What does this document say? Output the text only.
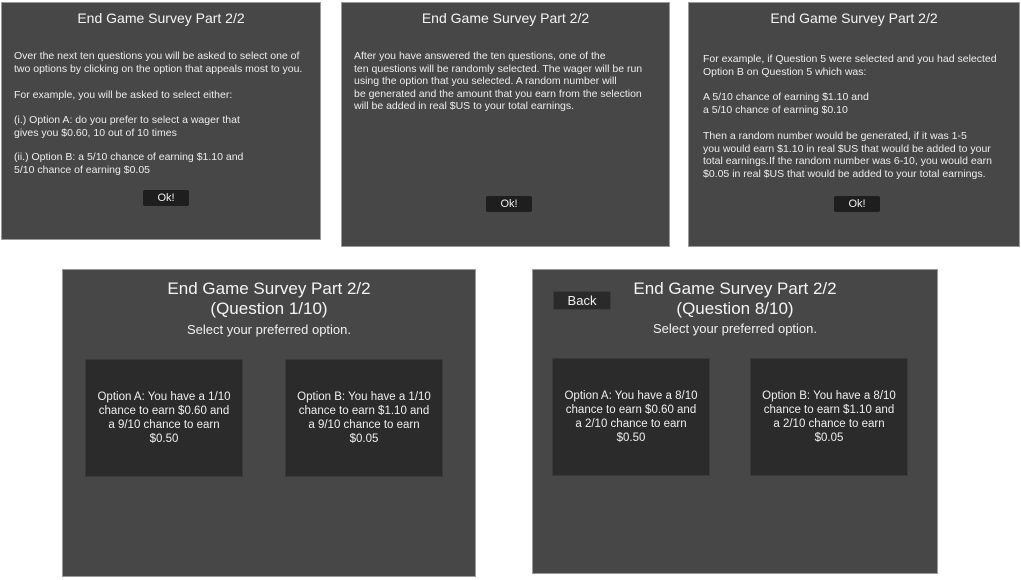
End Game Survey Part 2/2
Over the next ten questions you will be asked to select one of
two options by clicking on the option that appeals most to you.
For example, you will be asked to select either:
(i.) Option A: do you prefer to select a wager that
gives you $0.60, 10 out of 10 times
(ii.) Option B: a 5/10 chance of earning $1.10 and
5/10 chance of earning $0.05
Ok!
End Game Survey Part 2/2
After you have answered the ten questions, one of the
ten questions will be randomly selected. The wager will be run
using the option that you selected. A random number will
be generated and the amount that you earn from the selection
will be added in real $US to your total earnings.
Ok!
End Game Survey Part 2/2
For example, if Question 5 were selected and you had selected
Option B on Question 5 which was:
A 5/10 chance of earning $1.10 and
a 5/10 chance of earning $0.10
Then a random number would be generated, if it was 1-5
you would earn $1.10 in real $US that would be added to your
total earnings.If the random number was 6-10, you would earn
$0.05 in real $US that would be added to your total earnings.
Ok!
End Game Survey Part 2/2
(Question 1/10)
Select your preferred option.
Option A: You have a 1/10 chance to earn $0.60 and a 9/10 chance to earn $0.50
Option B: You have a 1/10 chance to earn $1.10 and a 9/10 chance to earn $0.05
Back
End Game Survey Part 2/2
(Question 8/10)
Select your preferred option.
Option A: You have a 8/10 chance to earn $0.60 and a 2/10 chance to earn $0.50
Option B: You have a 8/10 chance to earn $1.10 and a 2/10 chance to earn $0.05
